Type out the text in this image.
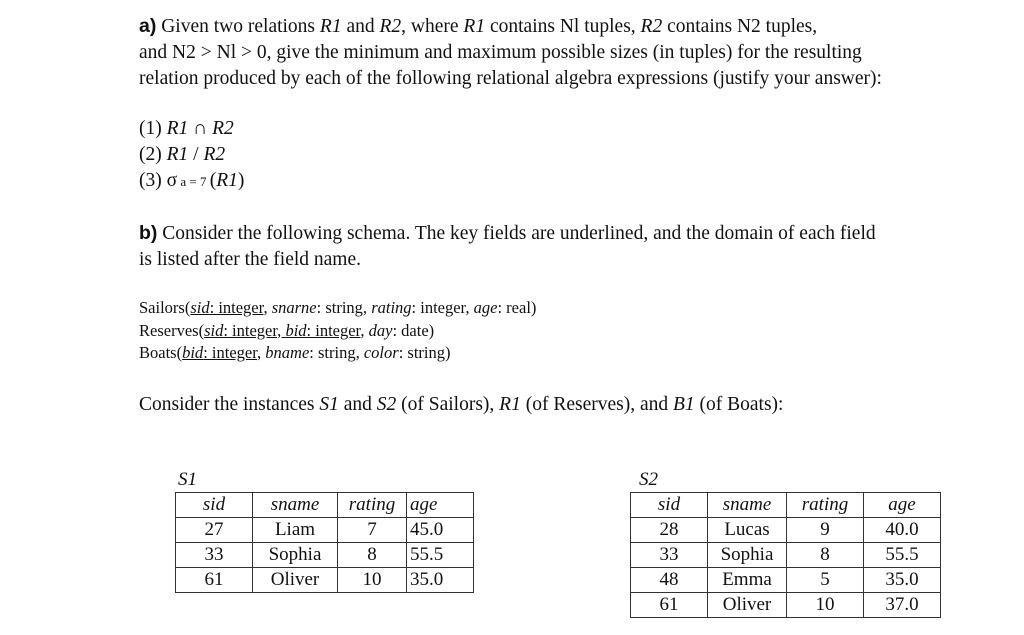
a) Given two relations R1 and R2, where R1 contains Nl tuples, R2 contains N2 tuples,
and N2 > Nl > 0, give the minimum and maximum possible sizes (in tuples) for the resulting
relation produced by each of the following relational algebra expressions (justify your answer):
(1) R1 ∩ R2
(2) R1 / R2
(3) σ a = 7 (R1)
b) Consider the following schema. The key fields are underlined, and the domain of each field
is listed after the field name.
Sailors(sid: integer, snarne: string, rating: integer, age: real)
Reserves(sid: integer, bid: integer, day: date)
Boats(bid: integer, bname: string, color: string)
Consider the instances S1 and S2 (of Sailors), R1 (of Reserves), and B1 (of Boats):
S1
sid	sname	rating	age
27	Liam	7	45.0
33	Sophia	8	55.5
61	Oliver	10	35.0
S2
sid	sname	rating	age
28	Lucas	9	40.0
33	Sophia	8	55.5
48	Emma	5	35.0
61	Oliver	10	37.0
